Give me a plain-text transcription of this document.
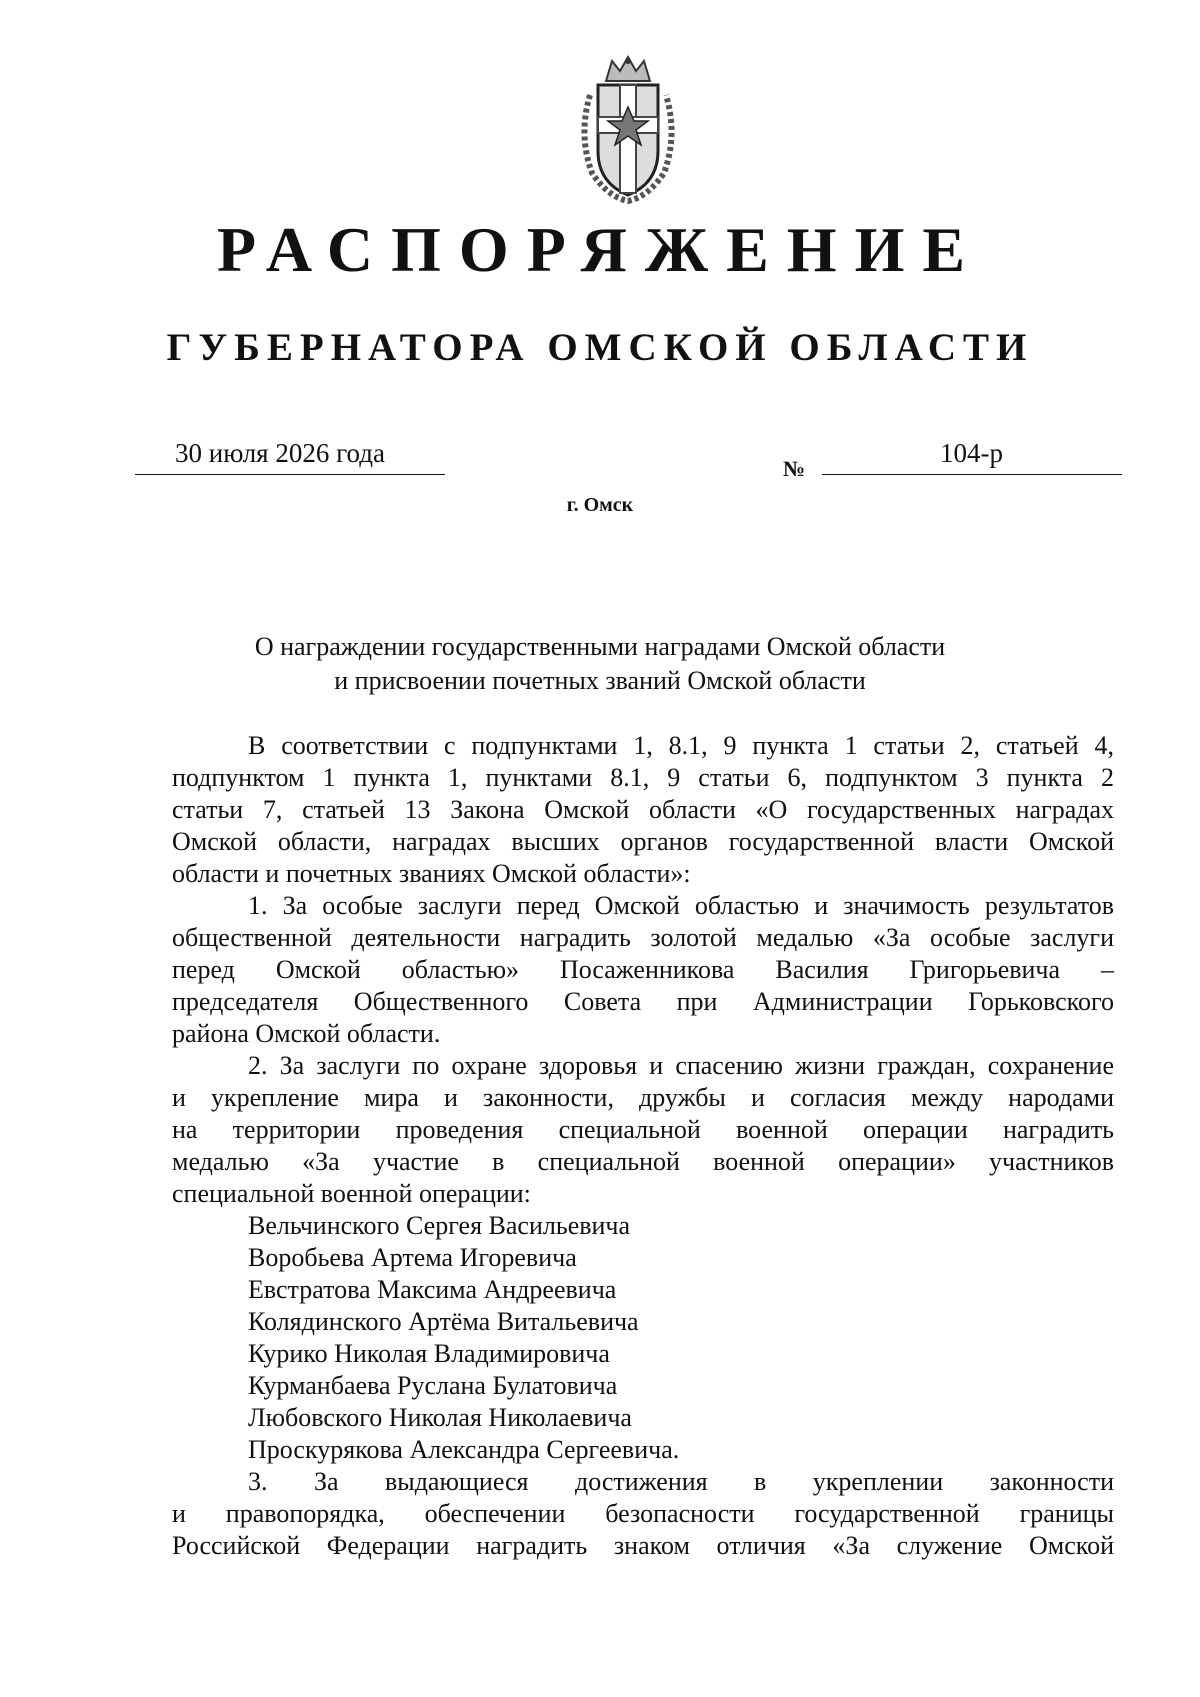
РАСПОРЯЖЕНИЕ
ГУБЕРНАТОРА ОМСКОЙ ОБЛАСТИ
30 июля 2026 года
№
104-р
г. Омск
О награждении государственными наградами Омской области
и присвоении почетных званий Омской области
В соответствии с подпунктами 1, 8.1, 9 пункта 1 статьи 2, статьей 4,
подпунктом 1 пункта 1, пунктами 8.1, 9 статьи 6, подпунктом 3 пункта 2
статьи 7, статьей 13 Закона Омской области «О государственных наградах
Омской области, наградах высших органов государственной власти Омской
области и почетных званиях Омской области»:
1. За особые заслуги перед Омской областью и значимость результатов
общественной деятельности наградить золотой медалью «За особые заслуги
перед Омской областью» Посаженникова Василия Григорьевича –
председателя Общественного Совета при Администрации Горьковского
района Омской области.
2. За заслуги по охране здоровья и спасению жизни граждан, сохранение
и укрепление мира и законности, дружбы и согласия между народами
на территории проведения специальной военной операции наградить
медалью «За участие в специальной военной операции» участников
специальной военной операции:
Вельчинского Сергея Васильевича
Воробьева Артема Игоревича
Евстратова Максима Андреевича
Колядинского Артёма Витальевича
Курико Николая Владимировича
Курманбаева Руслана Булатовича
Любовского Николая Николаевича
Проскурякова Александра Сергеевича.
3. За выдающиеся достижения в укреплении законности
и правопорядка, обеспечении безопасности государственной границы
Российской Федерации наградить знаком отличия «За служение Омской
